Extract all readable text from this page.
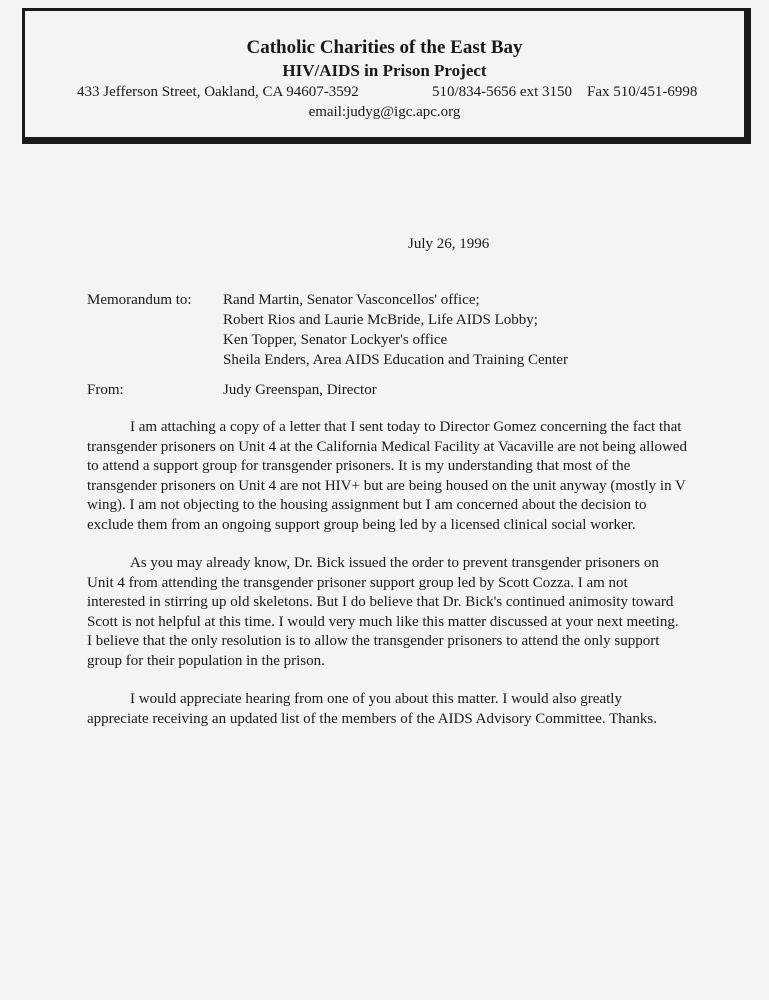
Catholic Charities of the East Bay
HIV/AIDS in Prison Project
433 Jefferson Street, Oakland, CA 94607-3592	510/834-5656 ext 3150 Fax 510/451-6998
email:judyg@igc.apc.org
July 26, 1996
Memorandum to: Rand Martin, Senator Vasconcellos' office;
Robert Rios and Laurie McBride, Life AIDS Lobby;
Ken Topper, Senator Lockyer's office
Sheila Enders, Area AIDS Education and Training Center
From:	Judy Greenspan, Director

I am attaching a copy of a letter that I sent today to Director Gomez concerning the fact that transgender prisoners on Unit 4 at the California Medical Facility at Vacaville are not being allowed to attend a support group for transgender prisoners. It is my understanding that most of the transgender prisoners on Unit 4 are not HIV+ but are being housed on the unit anyway (mostly in V wing). I am not objecting to the housing assignment but I am concerned about the decision to exclude them from an ongoing support group being led by a licensed clinical social worker.

As you may already know, Dr. Bick issued the order to prevent transgender prisoners on Unit 4 from attending the transgender prisoner support group led by Scott Cozza. I am not interested in stirring up old skeletons. But I do believe that Dr. Bick's continued animosity toward Scott is not helpful at this time. I would very much like this matter discussed at your next meeting. I believe that the only resolution is to allow the transgender prisoners to attend the only support group for their population in the prison.

I would appreciate hearing from one of you about this matter. I would also greatly appreciate receiving an updated list of the members of the AIDS Advisory Committee. Thanks.
